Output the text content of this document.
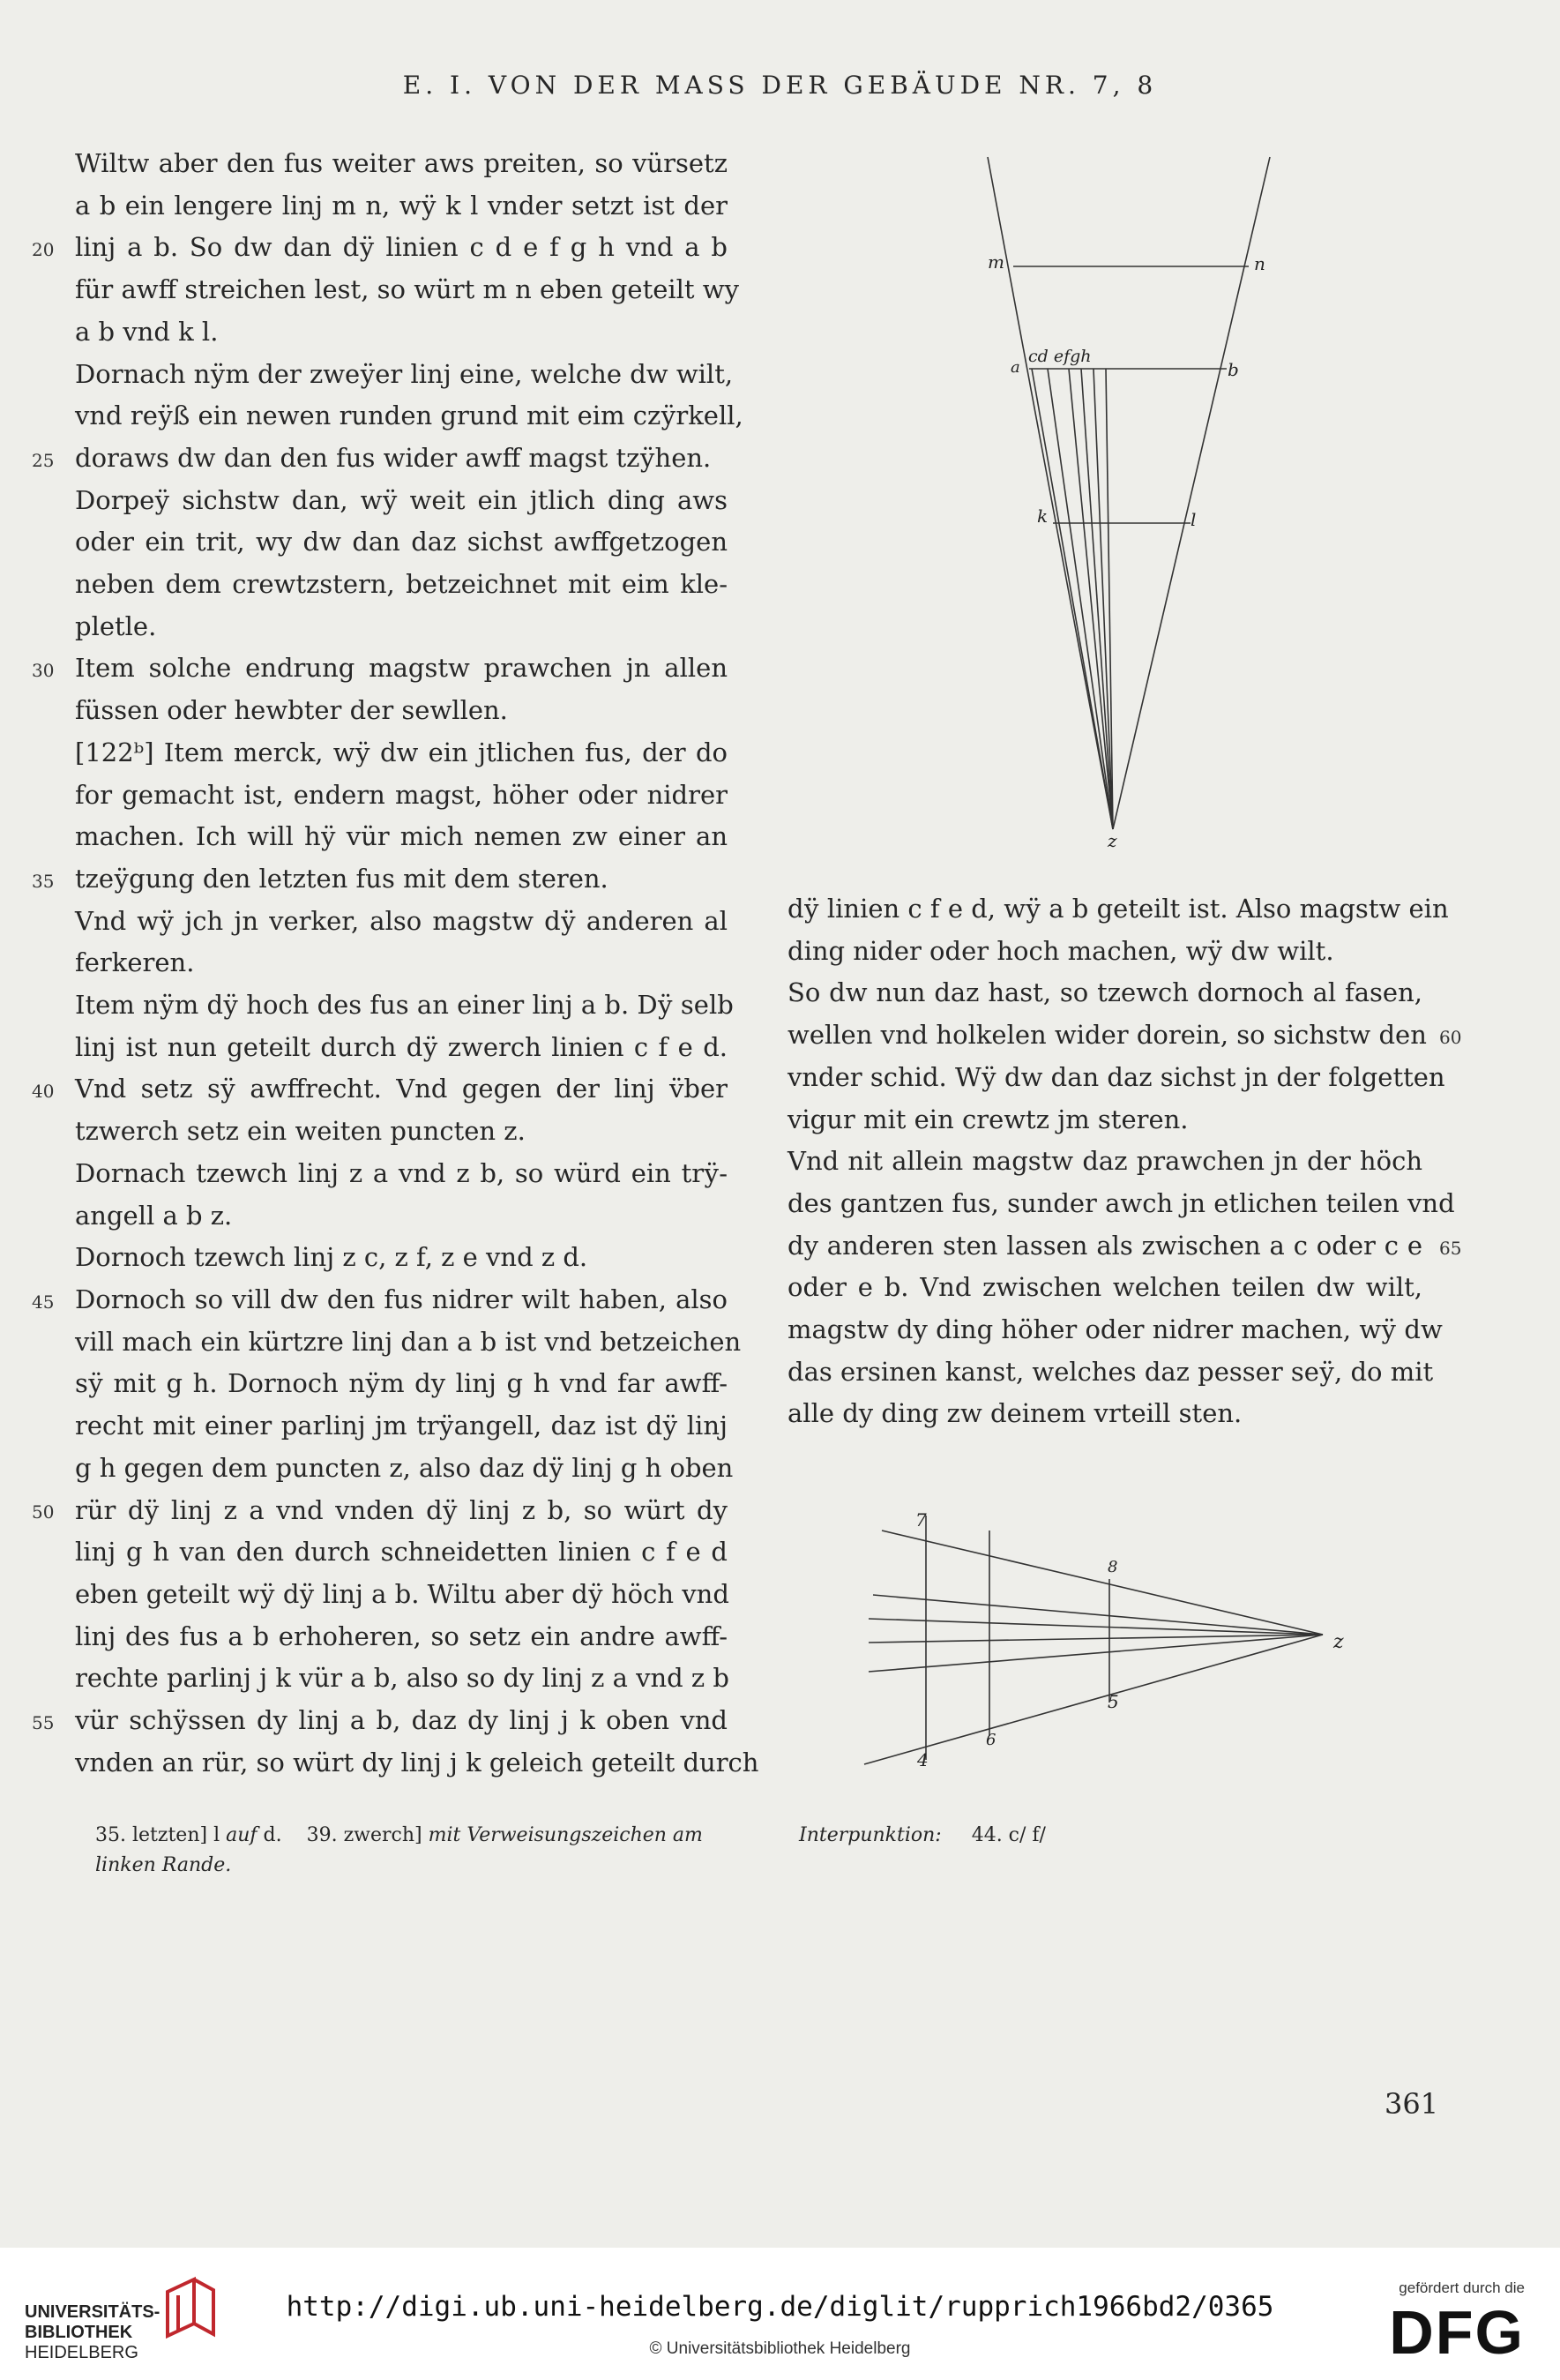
E. I. VON DER MASS DER GEBÄUDE NR. 7, 8
Wiltw aber den fus weiter aws preiten, so vürsetz
a b ein lengere linj m n, wӱ k l vnder setzt ist der
linj a b. So dw dan dӱ linien c d e f g h vnd a b
für awff streichen lest, so würt m n eben geteilt wy
a b vnd k l.
Dornach nӱm der zweӱer linj eine, welche dw wilt,
vnd reӱß ein newen runden grund mit eim czӱrkell,
doraws dw dan den fus wider awff magst tzӱhen.
Dorpeӱ sichstw dan, wӱ weit ein jtlich ding aws
oder ein trit, wy dw dan daz sichst awffgetzogen
neben dem crewtzstern, betzeichnet mit eim kle-
pletle.
Item solche endrung magstw prawchen jn allen
füssen oder hewbter der sewllen.
[122ᵇ] Item merck, wӱ dw ein jtlichen fus, der do
for gemacht ist, endern magst, höher oder nidrer
machen. Ich will hӱ vür mich nemen zw einer an
tzeӱgung den letzten fus mit dem steren.
Vnd wӱ jch jn verker, also magstw dӱ anderen al
ferkeren.
Item nӱm dӱ hoch des fus an einer linj a b. Dӱ selb
linj ist nun geteilt durch dӱ zwerch linien c f e d.
Vnd setz sӱ awffrecht. Vnd gegen der linj v̈ber
tzwerch setz ein weiten puncten z.
Dornach tzewch linj z a vnd z b, so würd ein trӱ-
angell a b z.
Dornoch tzewch linj z c, z f, z e vnd z d.
Dornoch so vill dw den fus nidrer wilt haben, also
vill mach ein kürtzre linj dan a b ist vnd betzeichen
sӱ mit g h. Dornoch nӱm dy linj g h vnd far awff-
recht mit einer parlinj jm trӱangell, daz ist dӱ linj
g h gegen dem puncten z, also daz dӱ linj g h oben
rür dӱ linj z a vnd vnden dӱ linj z b, so würt dy
linj g h van den durch schneidetten linien c f e d
eben geteilt wӱ dӱ linj a b. Wiltu aber dӱ höch vnd
linj des fus a b erhoheren, so setz ein andre awff-
rechte parlinj j k vür a b, also so dy linj z a vnd z b
vür schӱssen dy linj a b, daz dy linj j k oben vnd
vnden an rür, so würt dy linj j k geleich geteilt durch
20
25
30
35
40
45
50
55
m	n
a
cd efgh
b
k	l
z
dӱ linien c f e d, wӱ a b geteilt ist. Also magstw ein
ding nider oder hoch machen, wӱ dw wilt.
So dw nun daz hast, so tzewch dornoch al fasen,
wellen vnd holkelen wider dorein, so sichstw den
vnder schid. Wӱ dw dan daz sichst jn der folgetten
vigur mit ein crewtz jm steren.
Vnd nit allein magstw daz prawchen jn der höch
des gantzen fus, sunder awch jn etlichen teilen vnd
dy anderen sten lassen als zwischen a c oder c e
oder e b. Vnd zwischen welchen teilen dw wilt,
magstw dy ding höher oder nidrer machen, wӱ dw
das ersinen kanst, welches daz pesser seӱ, do mit
alle dy ding zw deinem vrteill sten.
60
65
7
z
8
5
6
4
35. letzten] l auf d.    39. zwerch] mit Verweisungszeichen am
linken Rande.
Interpunktion: 44. c/ f/
361
UNIVERSITÄTS-
BIBLIOTHEK
HEIDELBERG
http://digi.ub.uni-heidelberg.de/diglit/rupprich1966bd2/0365
© Universitätsbibliothek Heidelberg
gefördert durch die
DFG
